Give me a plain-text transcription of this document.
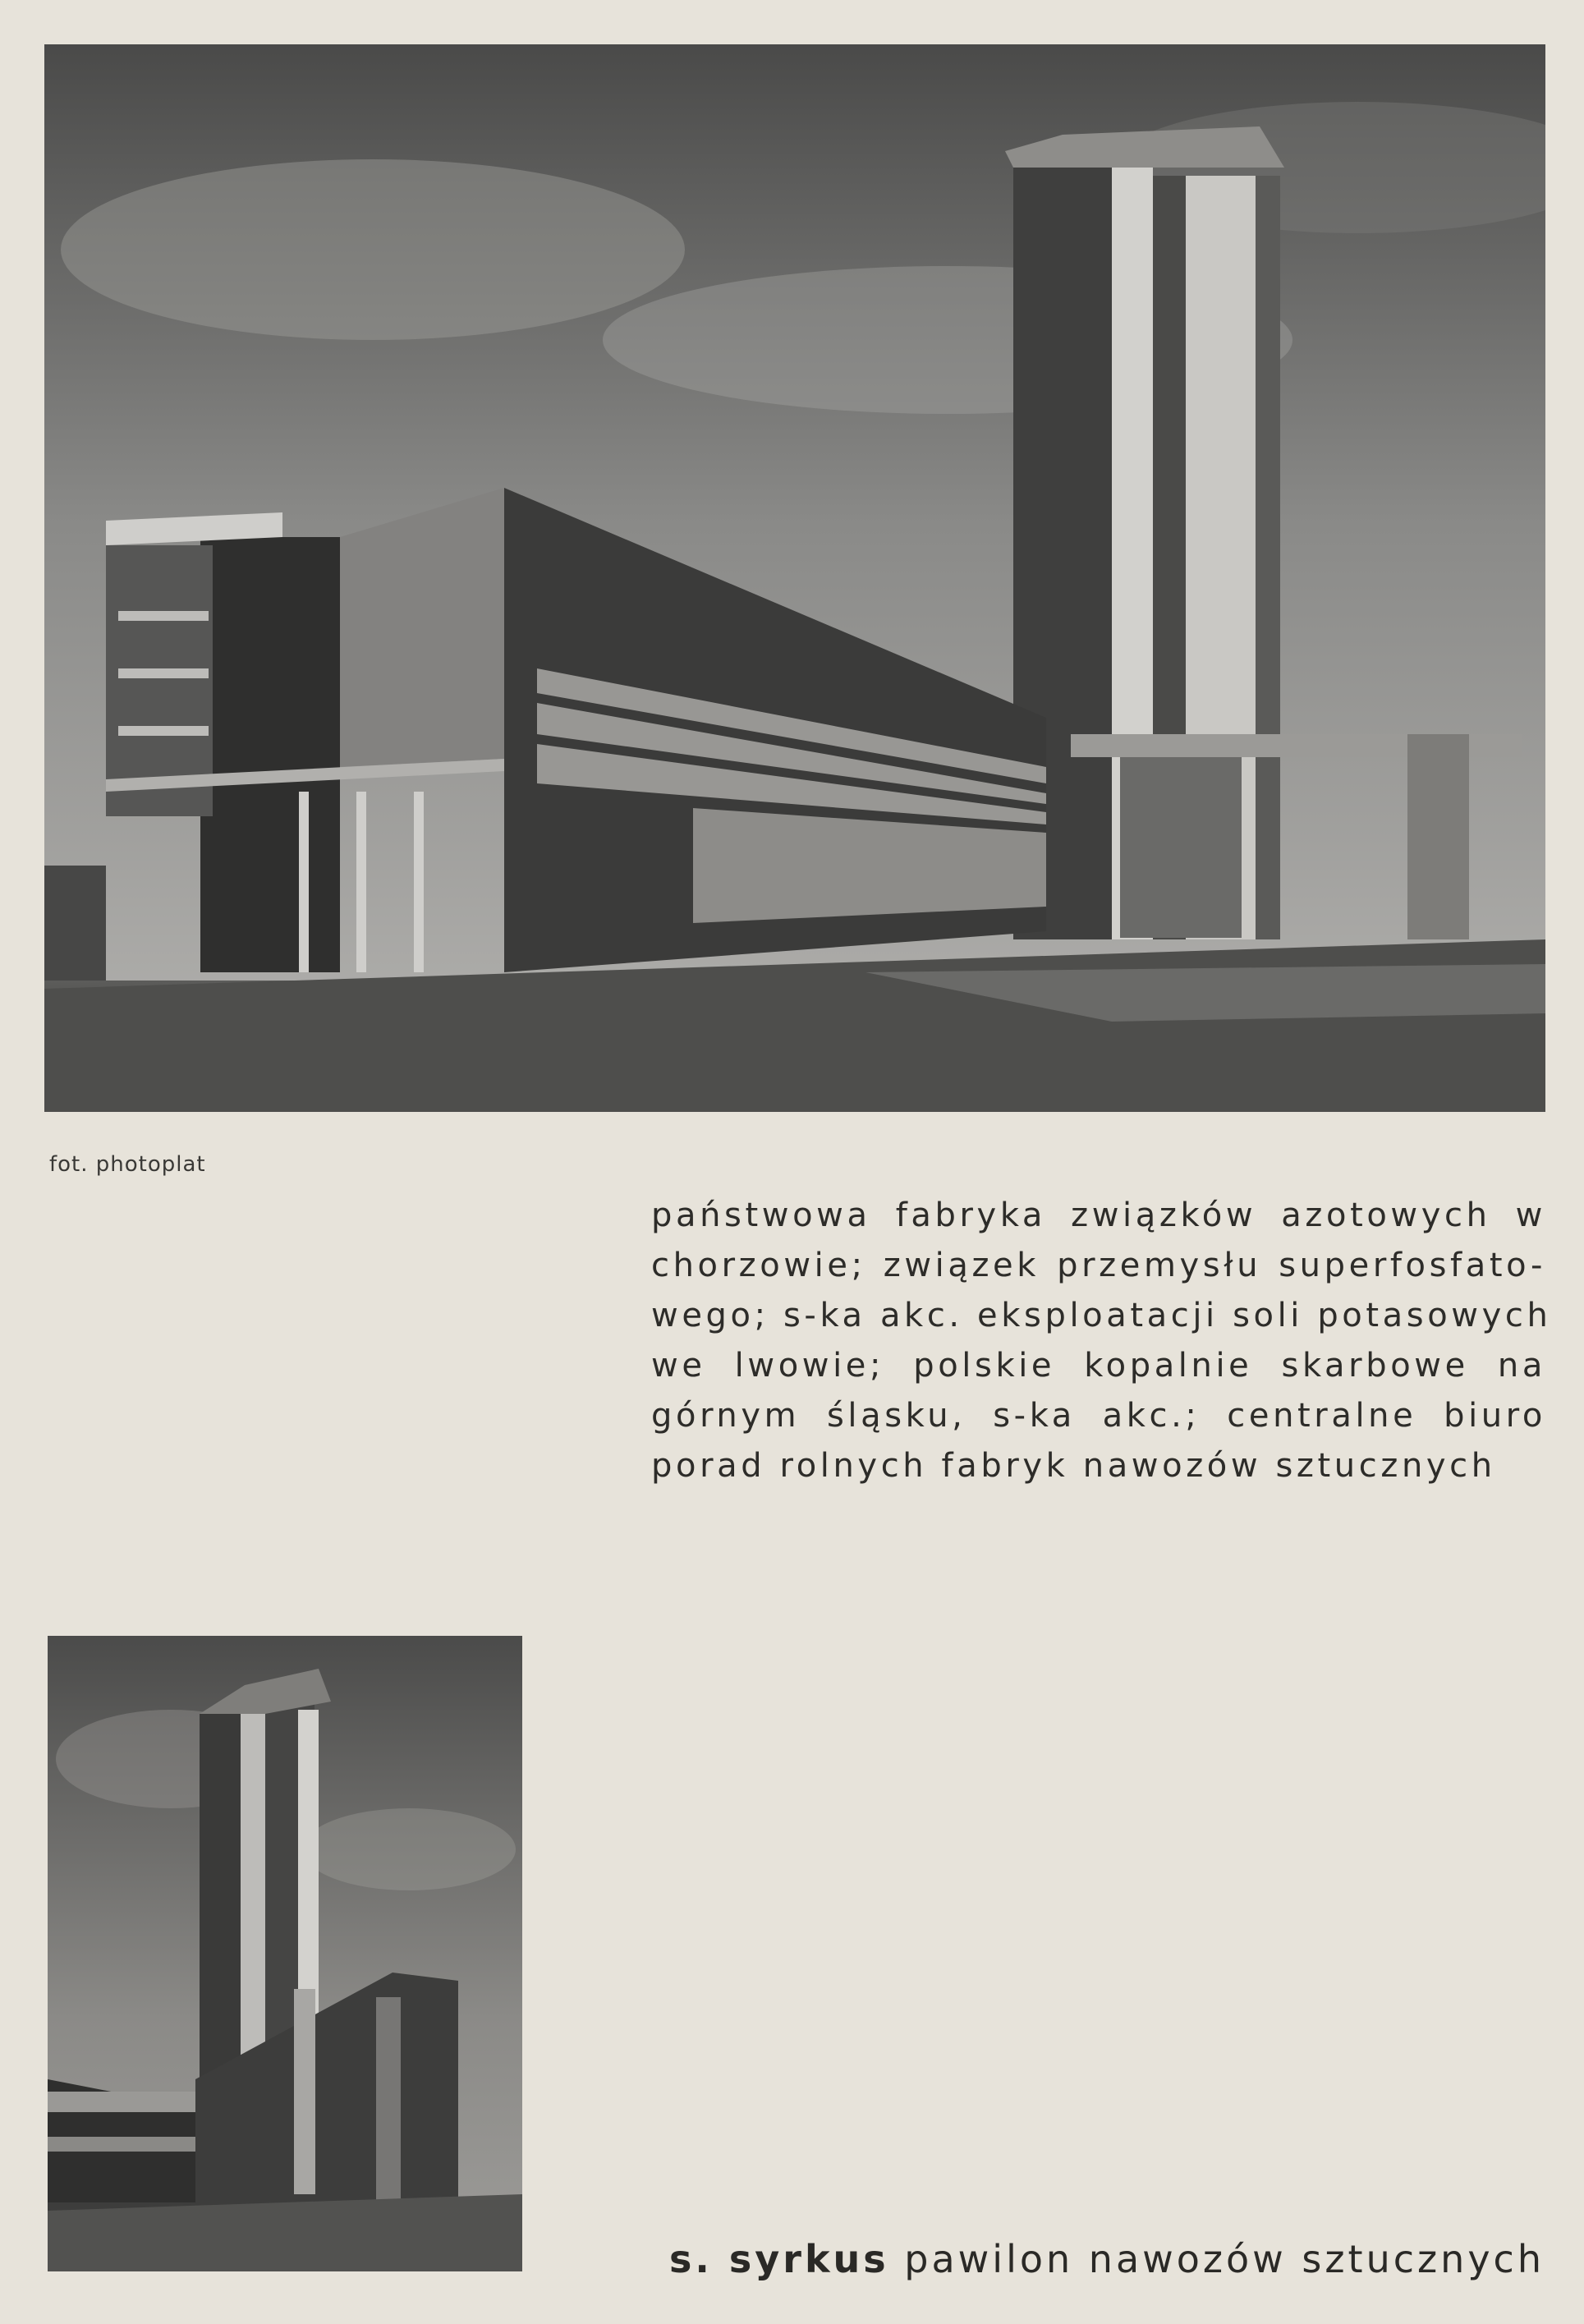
fot. photoplat
państwowa fabryka związków azotowych w
chorzowie; związek przemysłu superfosfato-
wego; s-ka akc. eksploatacji soli potasowych
we lwowie; polskie kopalnie skarbowe na
górnym śląsku, s-ka akc.; centralne biuro
porad rolnych fabryk nawozów sztucznych
s. syrkus pawilon nawozów sztucznych
